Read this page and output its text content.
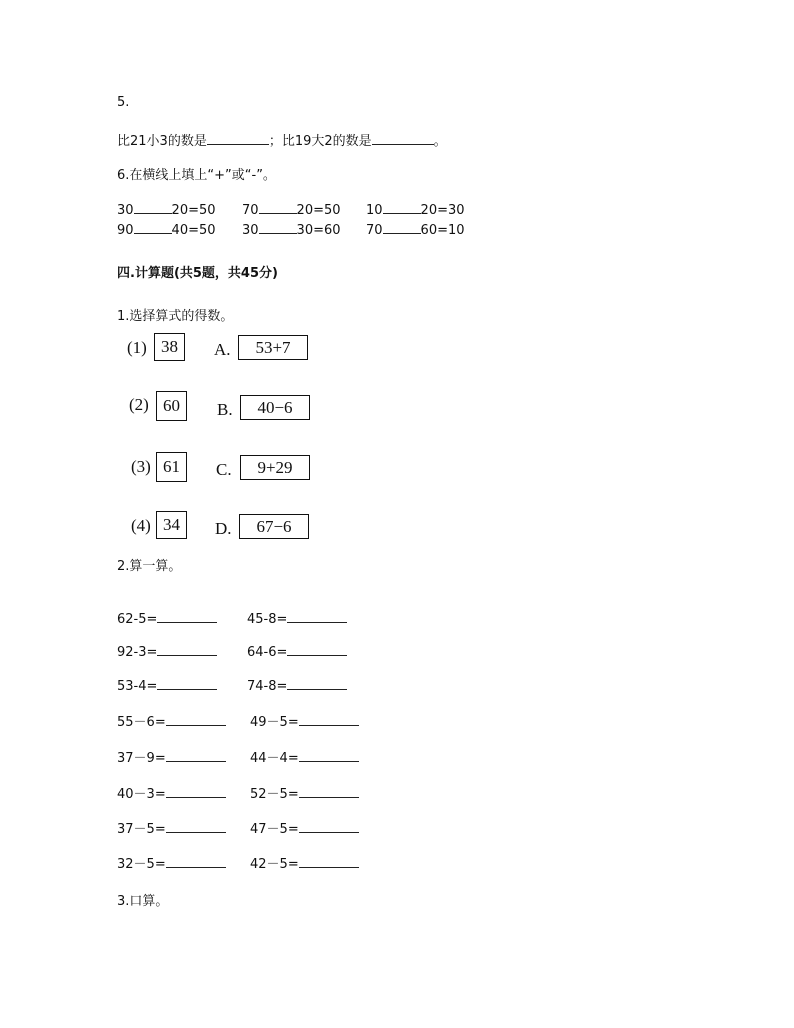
5.
比21小3的数是	；比19大2的数是	。
6.在横线上填上“+”或“-”。
30	20=50 70	20=50 10	20=30
90	40=50 30	30=60 70	60=10
四.计算题(共5题，共45分)
1.选择算式的得数。
(1) 38	A.	53+7
(2) 60	B.	40−6
(3) 61	C.	9+29
(4) 34	D.	67−6
2.算一算。
62-5=	45-8=
92-3=	64-6=
53-4=	74-8=
55－6=	49－5=
37－9=	44－4=
40－3=	52－5=
37－5=	47－5=
32－5=	42－5=
3.口算。
